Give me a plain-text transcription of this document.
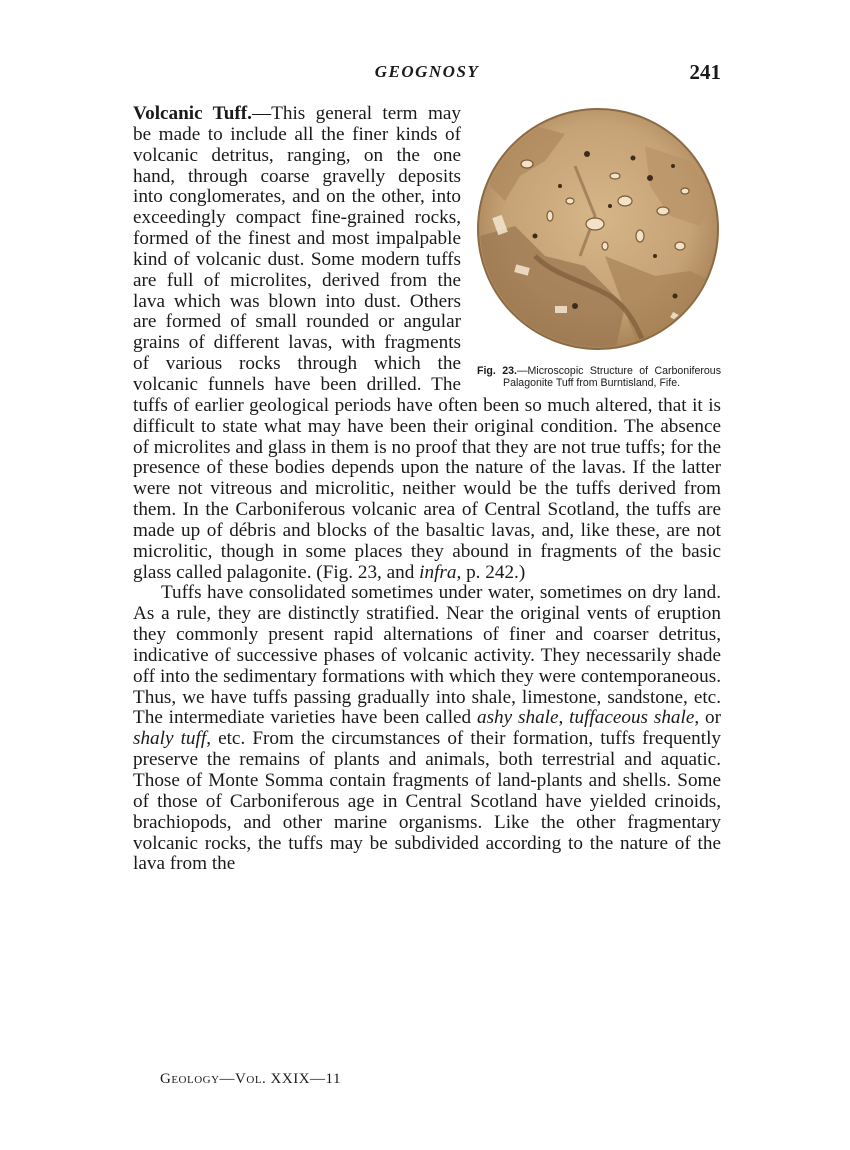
GEOGNOSY	241
Fig. 23.—Microscopic Structure of Carboniferous Palagonite Tuff from Burntisland, Fife.

Volcanic Tuff.—This general term may be made to include all the finer kinds of volcanic detritus, ranging, on the one hand, through coarse gravelly deposits into conglomerates, and on the other, into exceedingly compact fine-grained rocks, formed of the finest and most impalpable kind of volcanic dust. Some modern tuffs are full of microlites, derived from the lava which was blown into dust. Others are formed of small rounded or angular grains of different lavas, with fragments of various rocks through which the volcanic funnels have been drilled. The tuffs of earlier geological periods have often been so much altered, that it is difficult to state what may have been their original condition. The absence of microlites and glass in them is no proof that they are not true tuffs; for the presence of these bodies depends upon the nature of the lavas. If the latter were not vitreous and microlitic, neither would be the tuffs derived from them. In the Carboniferous volcanic area of Central Scotland, the tuffs are made up of débris and blocks of the basaltic lavas, and, like these, are not microlitic, though in some places they abound in fragments of the basic glass called palagonite. (Fig. 23, and infra, p. 242.)

Tuffs have consolidated sometimes under water, sometimes on dry land. As a rule, they are distinctly stratified. Near the original vents of eruption they commonly present rapid alternations of finer and coarser detritus, indicative of successive phases of volcanic activity. They necessarily shade off into the sedimentary formations with which they were contemporaneous. Thus, we have tuffs passing gradually into shale, limestone, sandstone, etc. The intermediate varieties have been called ashy shale, tuffaceous shale, or shaly tuff, etc. From the circumstances of their formation, tuffs frequently preserve the remains of plants and animals, both terrestrial and aquatic. Those of Monte Somma contain fragments of land-plants and shells. Some of those of Carboniferous age in Central Scotland have yielded crinoids, brachiopods, and other marine organisms. Like the other fragmentary volcanic rocks, the tuffs may be subdivided according to the nature of the lava from the

Geology—Vol. XXIX—11
